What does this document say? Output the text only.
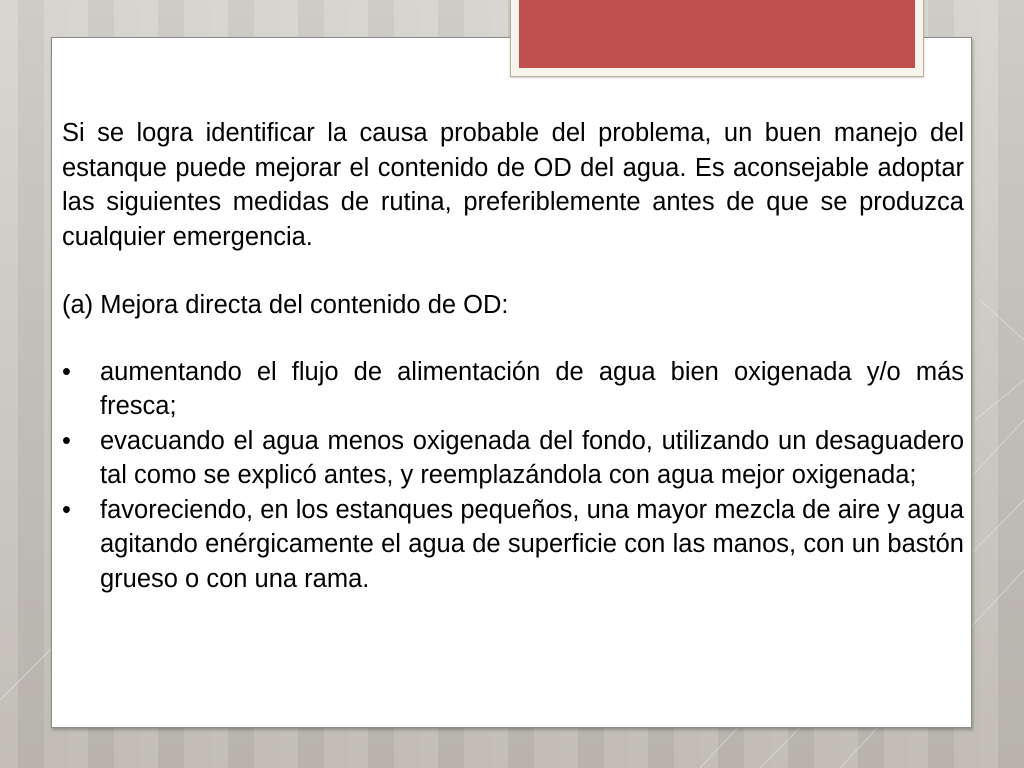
Si se logra identificar la causa probable del problema, un buen manejo del estanque puede mejorar el contenido de OD del agua. Es aconsejable adoptar las siguientes medidas de rutina, preferiblemente antes de que se produzca cualquier emergencia.

(a) Mejora directa del contenido de OD:

• aumentando el flujo de alimentación de agua bien oxigenada y/o más fresca;
• evacuando el agua menos oxigenada del fondo, utilizando un desaguadero tal como se explicó antes, y reemplazándola con agua mejor oxigenada;
• favoreciendo, en los estanques pequeños, una mayor mezcla de aire y agua agitando enérgicamente el agua de superficie con las manos, con un bastón grueso o con una rama.
